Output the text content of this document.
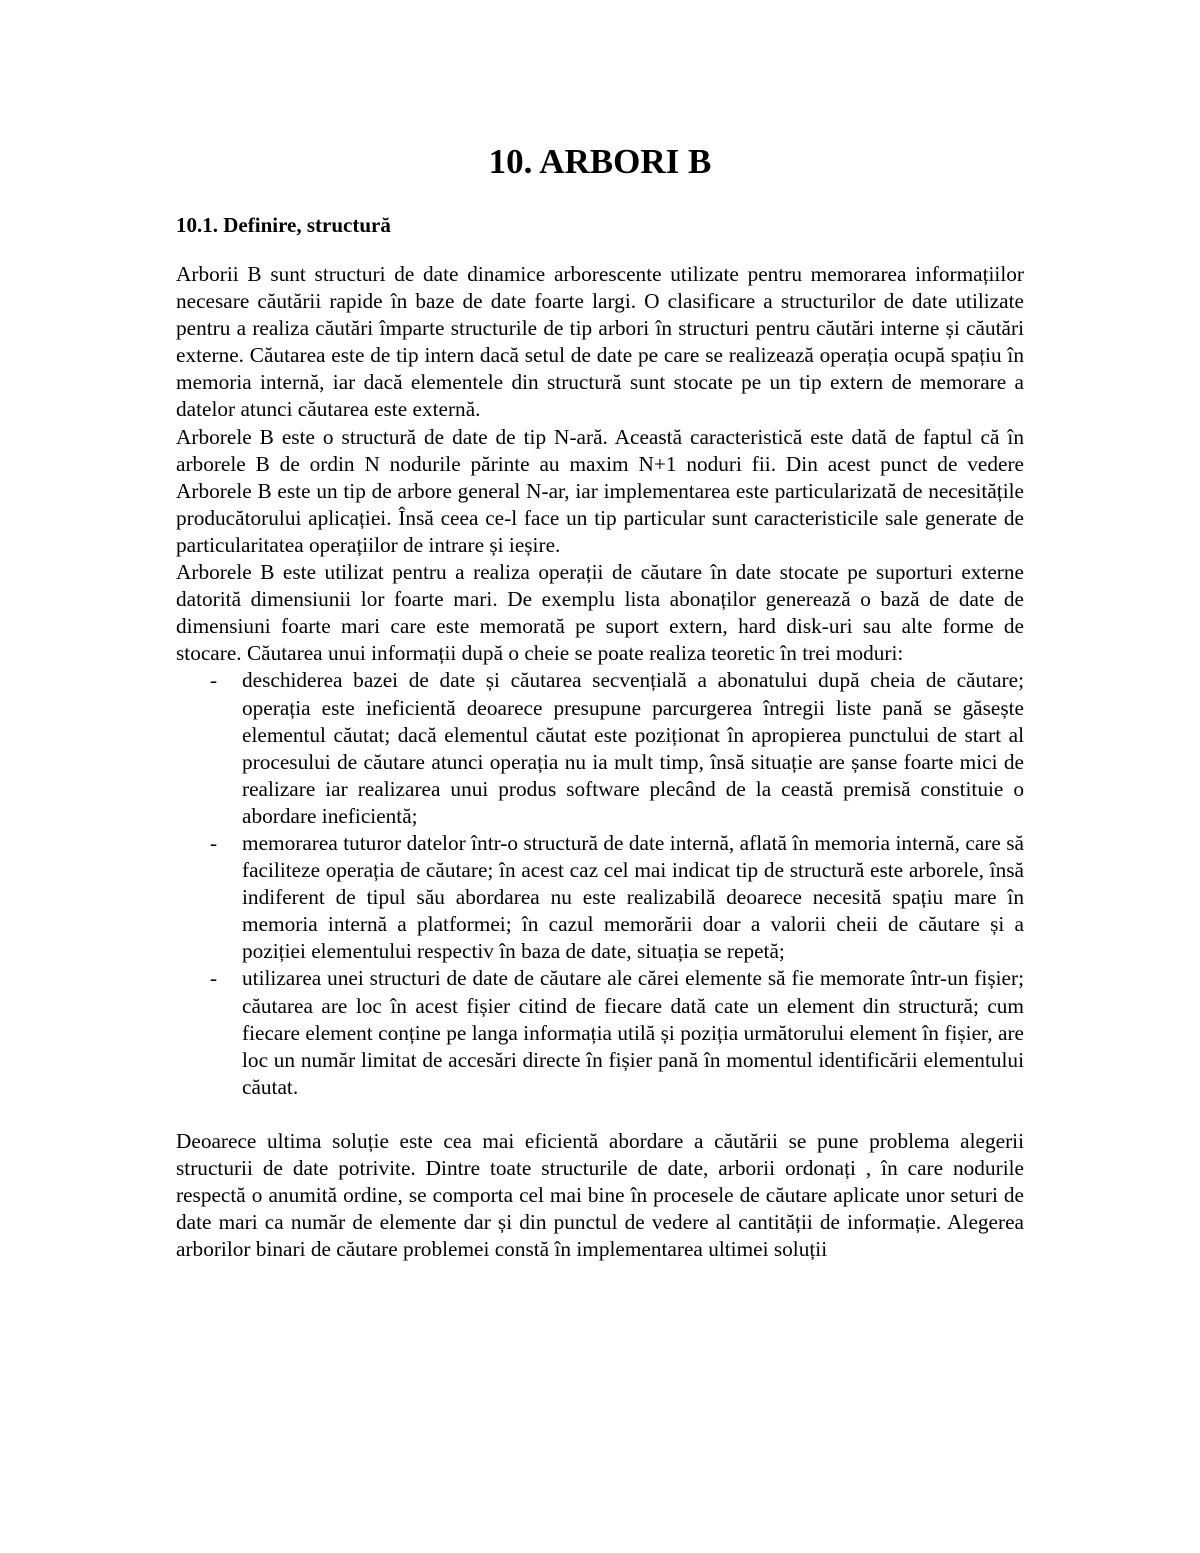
10. ARBORI B
10.1. Definire, structură

Arborii B sunt structuri de date dinamice arborescente utilizate pentru memorarea informațiilor necesare căutării rapide în baze de date foarte largi. O clasificare a structurilor de date utilizate pentru a realiza căutări împarte structurile de tip arbori în structuri pentru căutări interne și căutări externe. Căutarea este de tip intern dacă setul de date pe care se realizează operația ocupă spațiu în memoria internă, iar dacă elementele din structură sunt stocate pe un tip extern de memorare a datelor atunci căutarea este externă.

Arborele B este o structură de date de tip N-ară. Această caracteristică este dată de faptul că în arborele B de ordin N nodurile părinte au maxim N+1 noduri fii. Din acest punct de vedere Arborele B este un tip de arbore general N-ar, iar implementarea este particularizată de necesitățile producătorului aplicației. Însă ceea ce-l face un tip particular sunt caracteristicile sale generate de particularitatea operațiilor de intrare și ieșire.

Arborele B este utilizat pentru a realiza operații de căutare în date stocate pe suporturi externe datorită dimensiunii lor foarte mari. De exemplu lista abonaților generează o bază de date de dimensiuni foarte mari care este memorată pe suport extern, hard disk-uri sau alte forme de stocare. Căutarea unui informații după o cheie se poate realiza teoretic în trei moduri:

- deschiderea bazei de date și căutarea secvențială a abonatului după cheia de căutare; operația este ineficientă deoarece presupune parcurgerea întregii liste pană se găsește elementul căutat; dacă elementul căutat este poziționat în apropierea punctului de start al procesului de căutare atunci operația nu ia mult timp, însă situație are șanse foarte mici de realizare iar realizarea unui produs software plecând de la ceastă premisă constituie o abordare ineficientă;
- memorarea tuturor datelor într-o structură de date internă, aflată în memoria internă, care să faciliteze operația de căutare; în acest caz cel mai indicat tip de structură este arborele, însă indiferent de tipul său abordarea nu este realizabilă deoarece necesită spațiu mare în memoria internă a platformei; în cazul memorării doar a valorii cheii de căutare și a poziției elementului respectiv în baza de date, situația se repetă;
- utilizarea unei structuri de date de căutare ale cărei elemente să fie memorate într-un fișier; căutarea are loc în acest fișier citind de fiecare dată cate un element din structură; cum fiecare element conține pe langa informația utilă și poziția următorului element în fișier, are loc un număr limitat de accesări directe în fișier pană în momentul identificării elementului căutat.

Deoarece ultima soluție este cea mai eficientă abordare a căutării se pune problema alegerii structurii de date potrivite. Dintre toate structurile de date, arborii ordonați , în care nodurile respectă o anumită ordine, se comporta cel mai bine în procesele de căutare aplicate unor seturi de date mari ca număr de elemente dar și din punctul de vedere al cantității de informație. Alegerea arborilor binari de căutare problemei constă în implementarea ultimei soluții
